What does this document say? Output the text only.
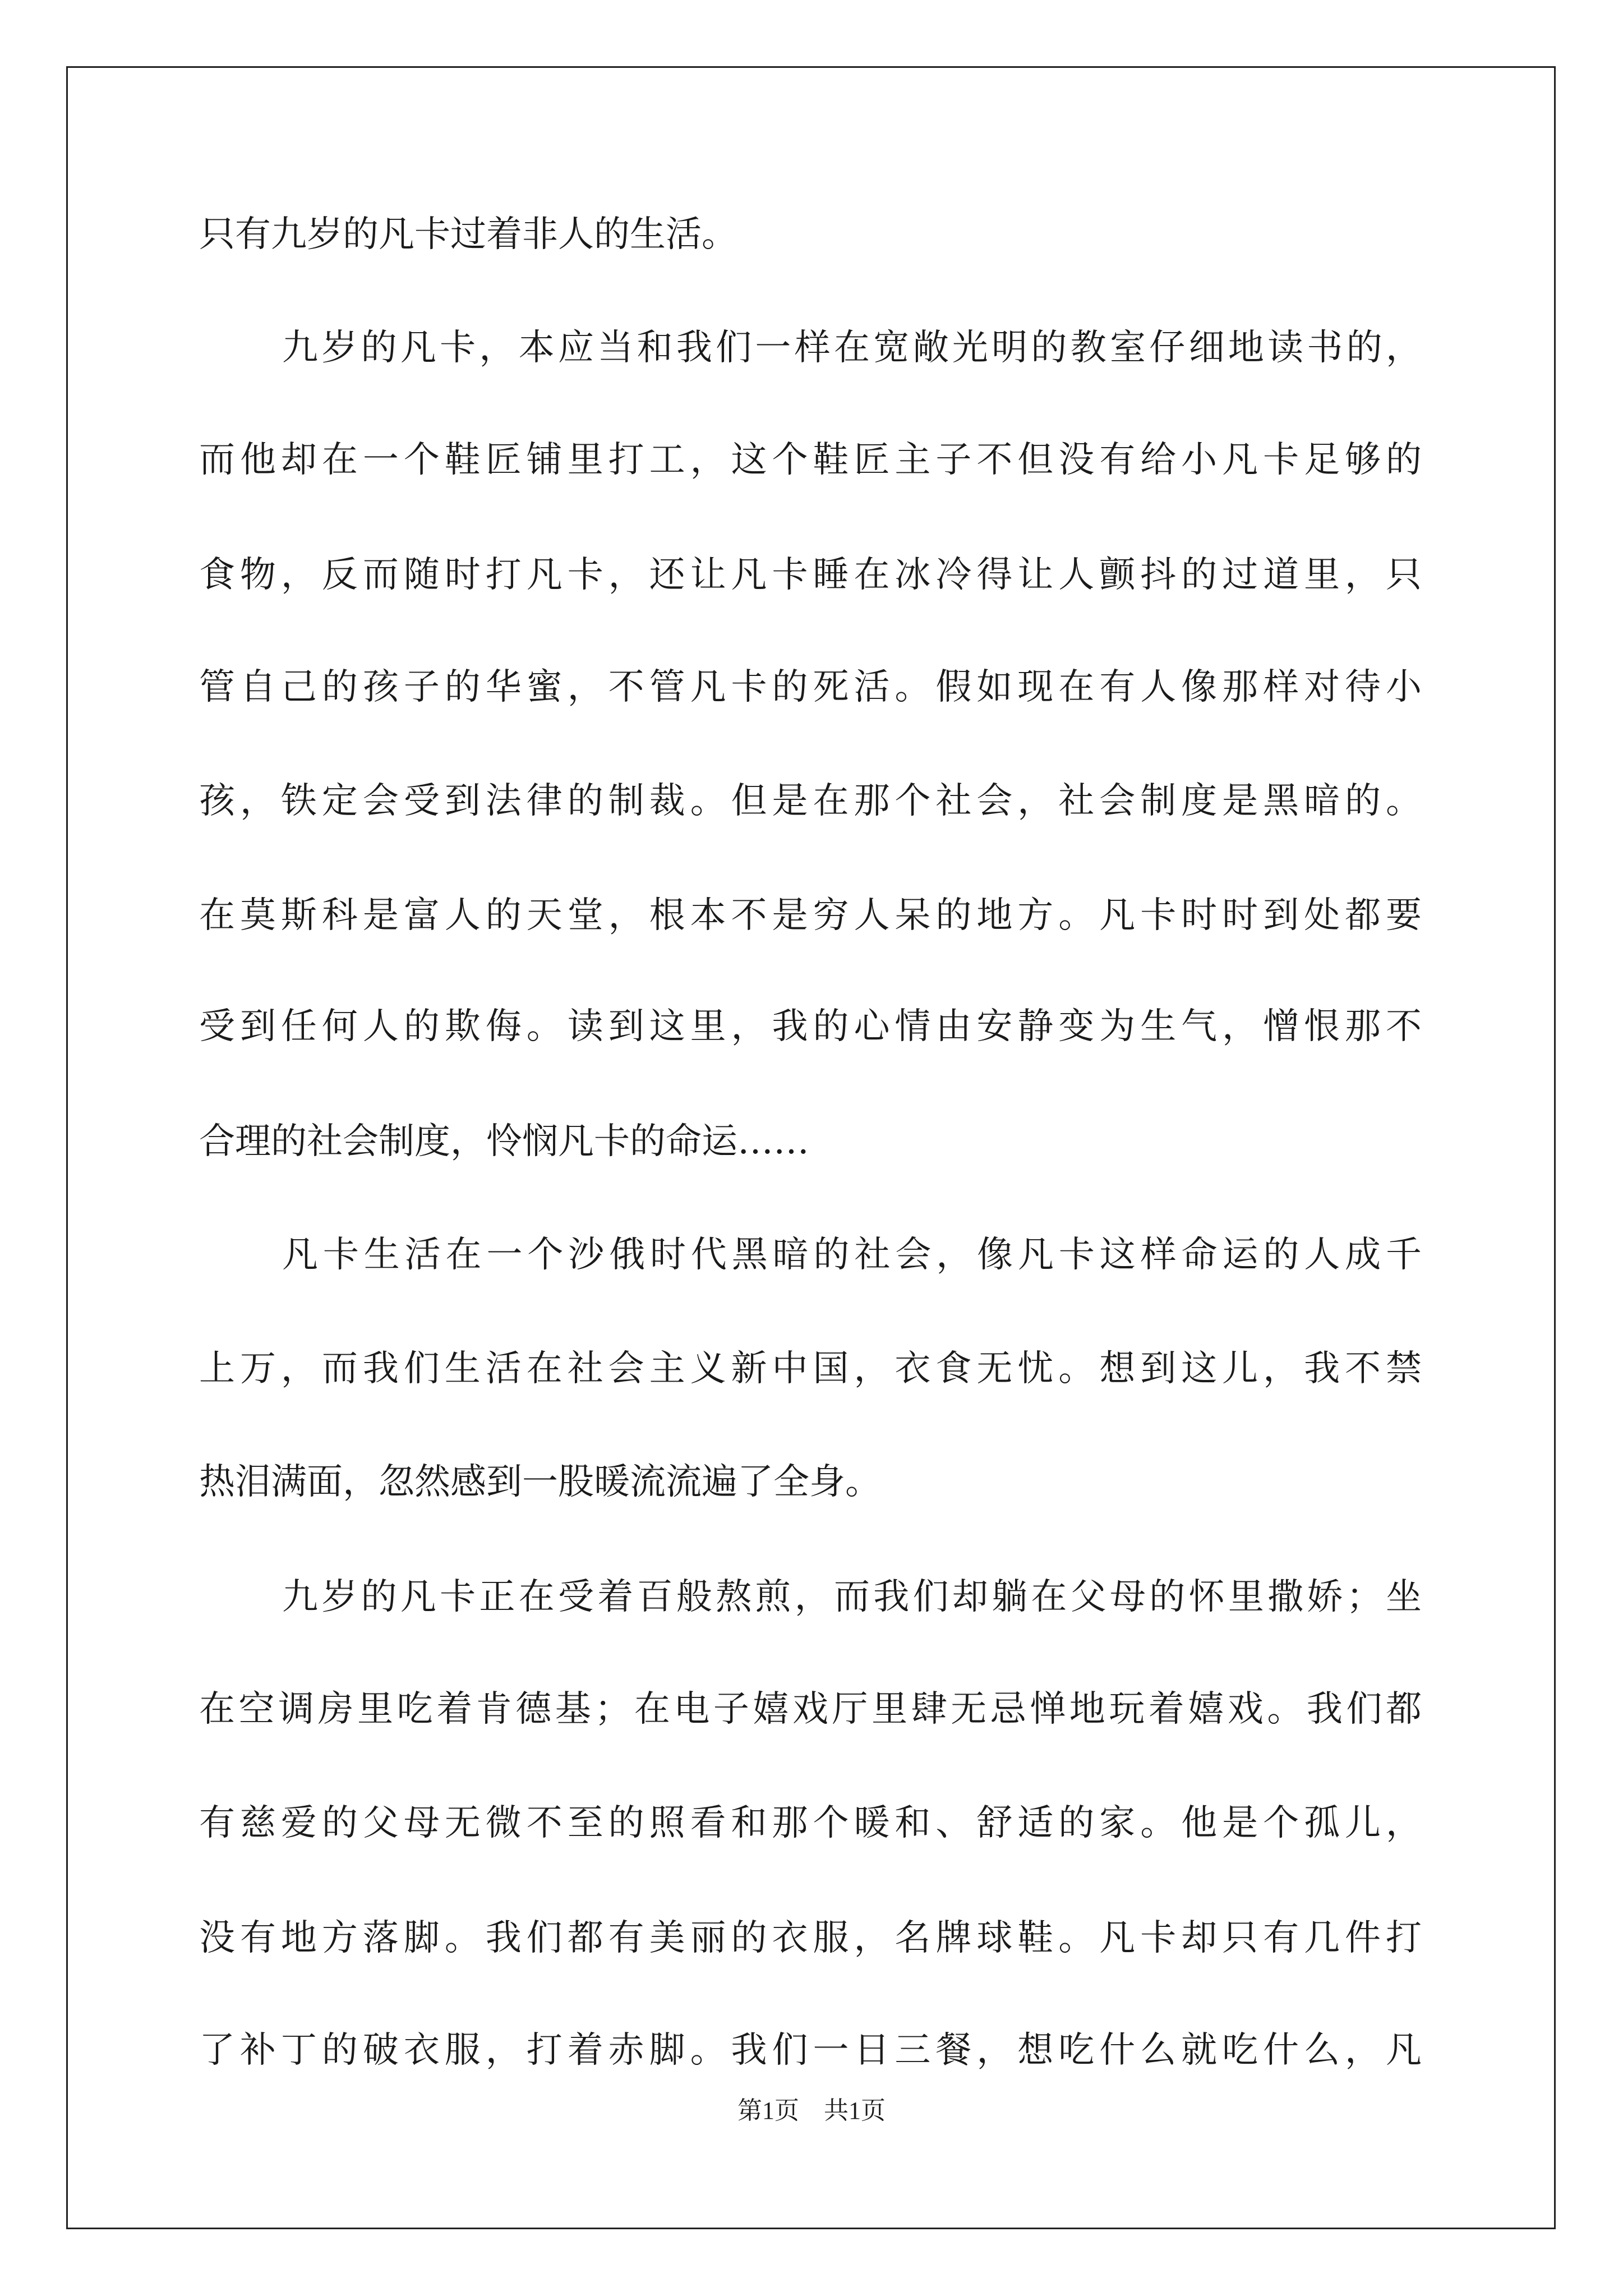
只有九岁的凡卡过着非人的生活。
九岁的凡卡，本应当和我们一样在宽敞光明的教室仔细地读书的，
而他却在一个鞋匠铺里打工，这个鞋匠主子不但没有给小凡卡足够的
食物，反而随时打凡卡，还让凡卡睡在冰冷得让人颤抖的过道里，只
管自己的孩子的华蜜，不管凡卡的死活。假如现在有人像那样对待小
孩，铁定会受到法律的制裁。但是在那个社会，社会制度是黑暗的。
在莫斯科是富人的天堂，根本不是穷人呆的地方。凡卡时时到处都要
受到任何人的欺侮。读到这里，我的心情由安静变为生气，憎恨那不
合理的社会制度，怜悯凡卡的命运……
凡卡生活在一个沙俄时代黑暗的社会，像凡卡这样命运的人成千
上万，而我们生活在社会主义新中国，衣食无忧。想到这儿，我不禁
热泪满面，忽然感到一股暖流流遍了全身。
九岁的凡卡正在受着百般熬煎，而我们却躺在父母的怀里撒娇；坐
在空调房里吃着肯德基；在电子嬉戏厅里肆无忌惮地玩着嬉戏。我们都
有慈爱的父母无微不至的照看和那个暖和、舒适的家。他是个孤儿，
没有地方落脚。我们都有美丽的衣服，名牌球鞋。凡卡却只有几件打
了补丁的破衣服，打着赤脚。我们一日三餐，想吃什么就吃什么，凡
第1页 共1页
